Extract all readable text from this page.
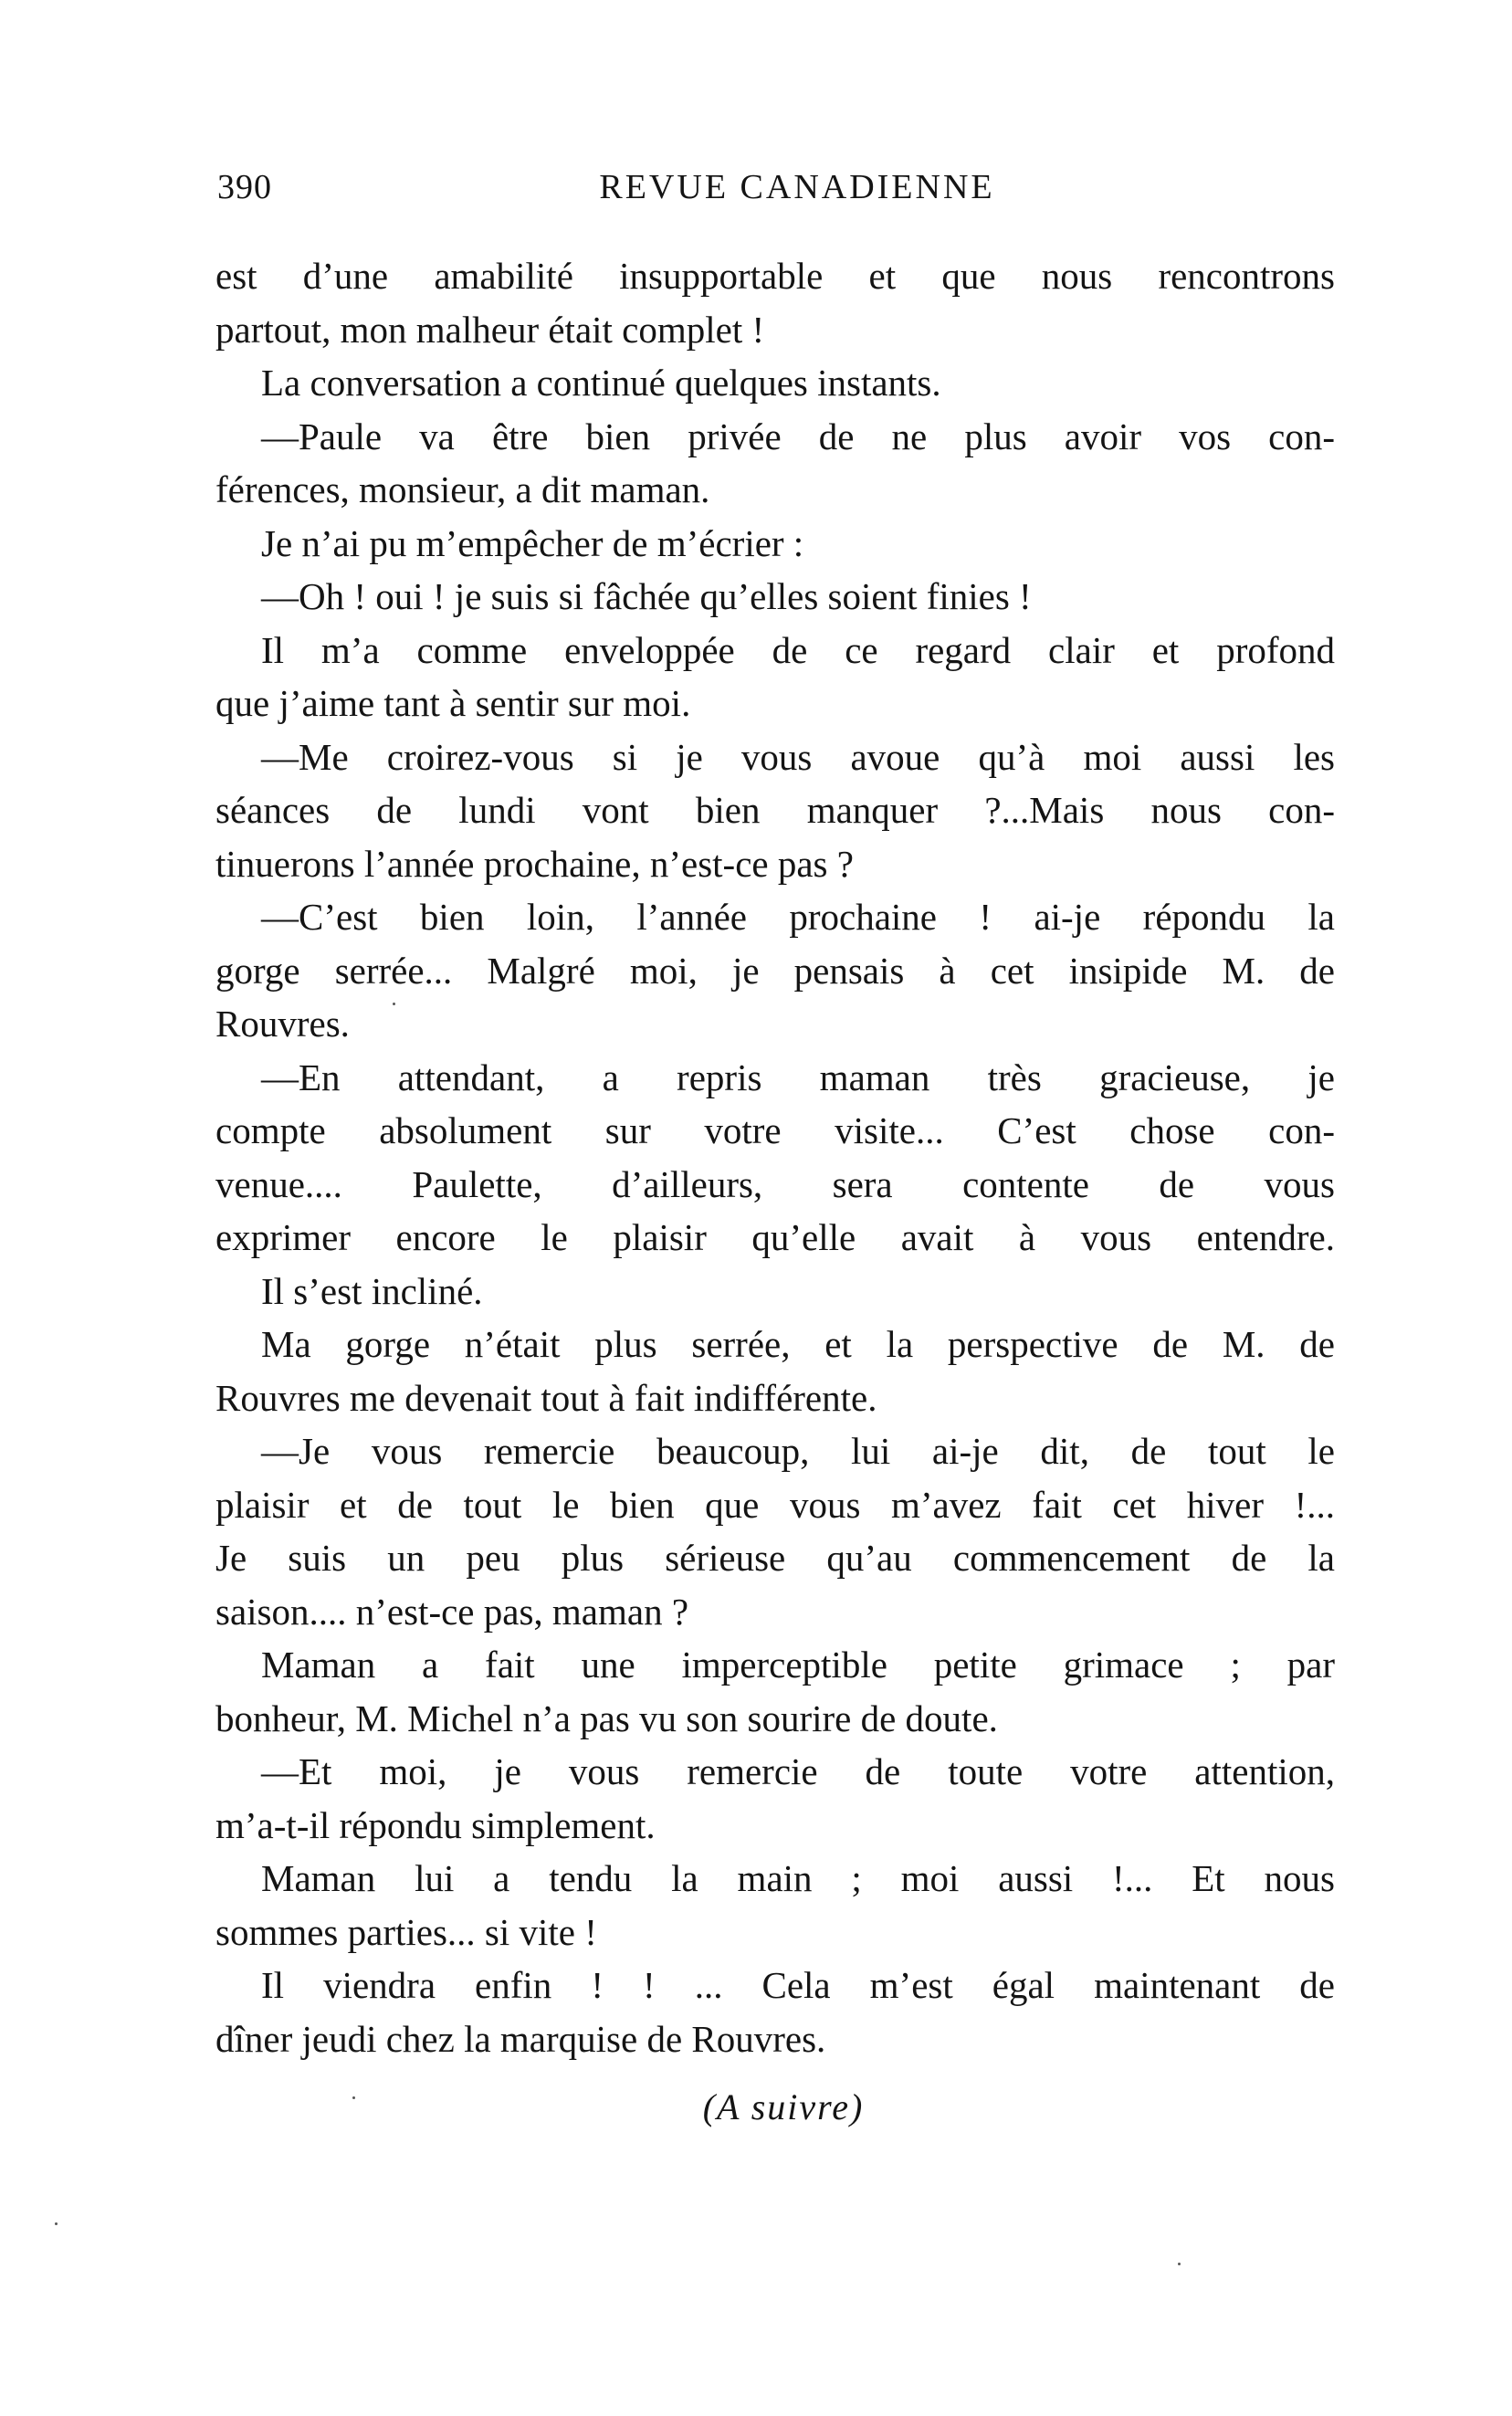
390	REVUE CANADIENNE
est d’une amabilité insupportable et que nous rencontrons
partout, mon malheur était complet !
La conversation a continué quelques instants.
—Paule va être bien privée de ne plus avoir vos con-
férences, monsieur, a dit maman.
Je n’ai pu m’empêcher de m’écrier :
—Oh ! oui ! je suis si fâchée qu’elles soient finies !
Il m’a comme enveloppée de ce regard clair et profond
que j’aime tant à sentir sur moi.
—Me croirez-vous si je vous avoue qu’à moi aussi les
séances de lundi vont bien manquer ?...Mais nous con-
tinuerons l’année prochaine, n’est-ce pas ?
—C’est bien loin, l’année prochaine ! ai-je répondu la
gorge serrée... Malgré moi, je pensais à cet insipide M. de
Rouvres.
—En attendant, a repris maman très gracieuse, je
compte absolument sur votre visite... C’est chose con-
venue.... Paulette, d’ailleurs, sera contente de vous
exprimer encore le plaisir qu’elle avait à vous entendre.
Il s’est incliné.
Ma gorge n’était plus serrée, et la perspective de M. de
Rouvres me devenait tout à fait indifférente.
—Je vous remercie beaucoup, lui ai-je dit, de tout le
plaisir et de tout le bien que vous m’avez fait cet hiver !...
Je suis un peu plus sérieuse qu’au commencement de la
saison.... n’est-ce pas, maman ?
Maman a fait une imperceptible petite grimace ; par
bonheur, M. Michel n’a pas vu son sourire de doute.
—Et moi, je vous remercie de toute votre attention,
m’a-t-il répondu simplement.
Maman lui a tendu la main ; moi aussi !... Et nous
sommes parties... si vite !
Il viendra enfin ! ! ... Cela m’est égal maintenant de
dîner jeudi chez la marquise de Rouvres.
(A suivre)
